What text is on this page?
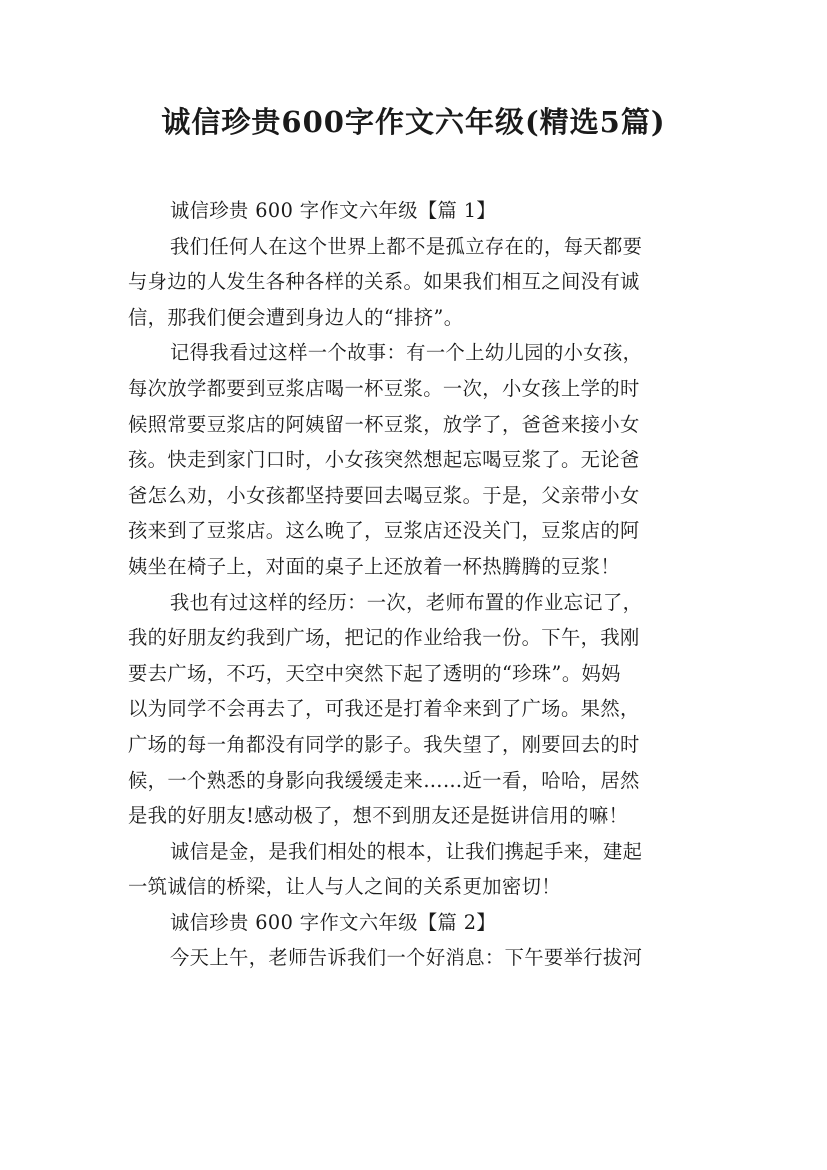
诚信珍贵600字作文六年级(精选5篇)
诚信珍贵 600 字作文六年级【篇 1】
我们任何人在这个世界上都不是孤立存在的，每天都要
与身边的人发生各种各样的关系。如果我们相互之间没有诚
信，那我们便会遭到身边人的“排挤”。
记得我看过这样一个故事：有一个上幼儿园的小女孩，
每次放学都要到豆浆店喝一杯豆浆。一次，小女孩上学的时
候照常要豆浆店的阿姨留一杯豆浆，放学了，爸爸来接小女
孩。快走到家门口时，小女孩突然想起忘喝豆浆了。无论爸
爸怎么劝，小女孩都坚持要回去喝豆浆。于是，父亲带小女
孩来到了豆浆店。这么晚了，豆浆店还没关门，豆浆店的阿
姨坐在椅子上，对面的桌子上还放着一杯热腾腾的豆浆！
我也有过这样的经历：一次，老师布置的作业忘记了，
我的好朋友约我到广场，把记的作业给我一份。下午，我刚
要去广场，不巧，天空中突然下起了透明的“珍珠”。妈妈
以为同学不会再去了，可我还是打着伞来到了广场。果然，
广场的每一角都没有同学的影子。我失望了，刚要回去的时
候，一个熟悉的身影向我缓缓走来……近一看，哈哈，居然
是我的好朋友!感动极了，想不到朋友还是挺讲信用的嘛！
诚信是金，是我们相处的根本，让我们携起手来，建起
一筑诚信的桥梁，让人与人之间的关系更加密切！
诚信珍贵 600 字作文六年级【篇 2】
今天上午，老师告诉我们一个好消息：下午要举行拔河
